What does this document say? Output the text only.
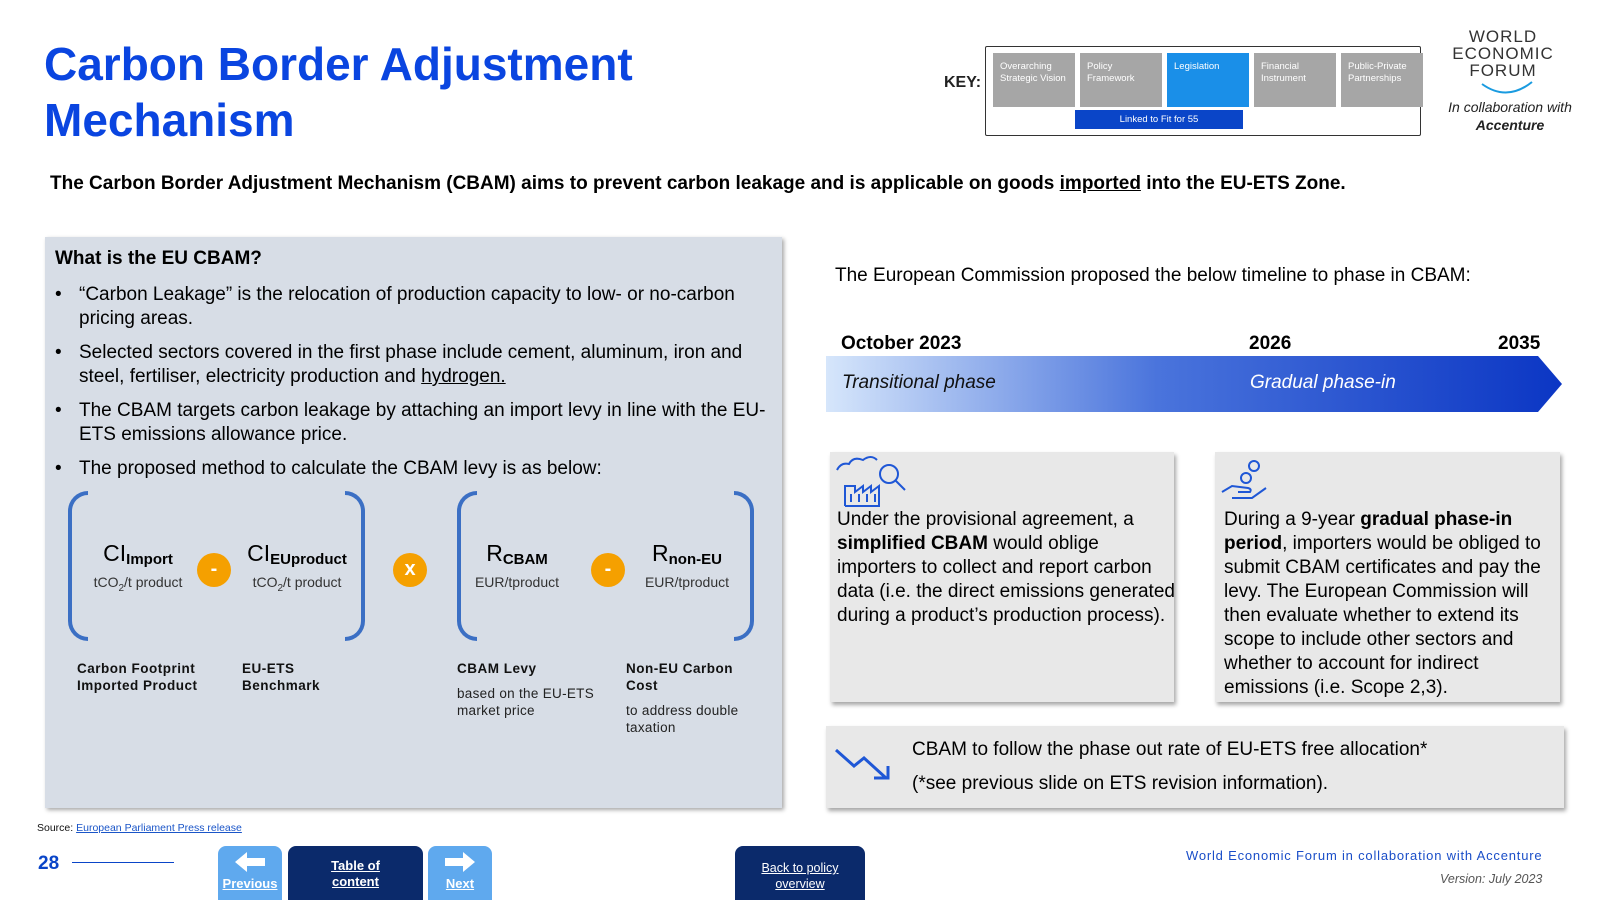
Carbon Border Adjustment Mechanism
KEY:
Overarching Strategic Vision
Policy Framework
Legislation	Financial Instrument
Public-Private Partnerships
Linked to Fit for 55
WORLD
ECONOMIC
FORUM
In collaboration with
Accenture
The Carbon Border Adjustment Mechanism (CBAM) aims to prevent carbon leakage and is applicable on goods imported into the EU-ETS Zone.
What is the EU CBAM?
• “Carbon Leakage” is the relocation of production capacity to low- or no-carbon pricing areas.
• Selected sectors covered in the first phase include cement, aluminum, iron and steel, fertiliser, electricity production and hydrogen.
• The CBAM targets carbon leakage by attaching an import levy in line with the EU-ETS emissions allowance price.
• The proposed method to calculate the CBAM levy is as below:
$CI_{Import}$
tCO$_2$/t product
$CI_{EUproduct}$
tCO$_2$/t product
$R_{CBAM}$
EUR/tproduct
$R_{non-EU}$
EUR/tproduct
-	x	-
Carbon Footprint Imported Product
EU-ETS Benchmark
CBAM Levy
based on the EU-ETS market price
Non-EU Carbon Cost
to address double taxation
The European Commission proposed the below timeline to phase in CBAM:
October 2023	2026	2035
Transitional phase	Gradual phase-in
Under the provisional agreement, a simplified CBAM would oblige importers to collect and report carbon data (i.e. the direct emissions generated during a product’s production process).
During a 9-year gradual phase-in period, importers would be obliged to submit CBAM certificates and pay the levy. The European Commission will then evaluate whether to extend its scope to include other sectors and whether to account for indirect emissions (i.e. Scope 2,3).
CBAM to follow the phase out rate of EU-ETS free allocation*
(*see previous slide on ETS revision information).
Source: European Parliament Press release
28
Previous
Table of content	Next
Back to policy overview
World Economic Forum in collaboration with Accenture
Version: July 2023
